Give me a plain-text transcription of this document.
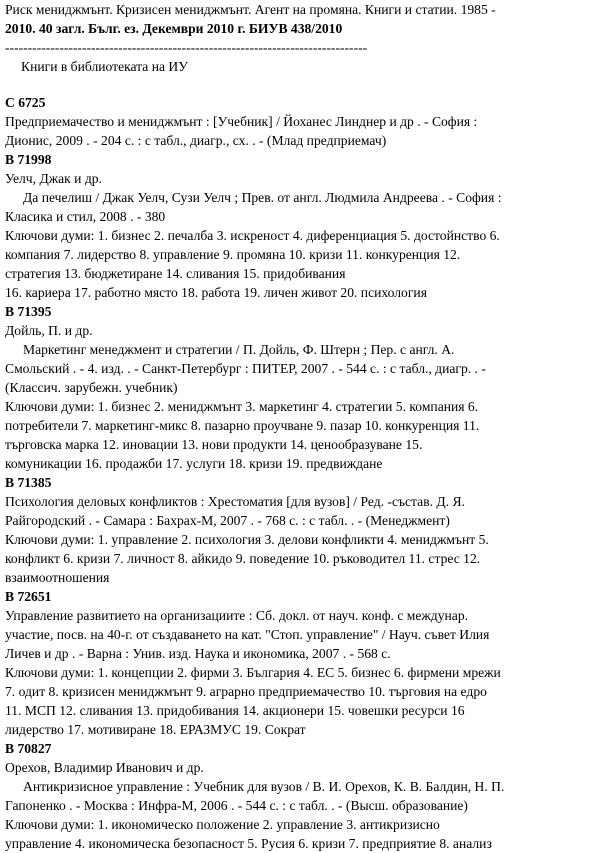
Риск мениджмънт. Кризисен мениджмънт. Агент на промяна. Книги и статии. 1985 -
2010. 40 загл. Бълг. ез. Декември 2010 г. БИУВ 438/2010
--------------------------------------------------------------------------------
Книги в библиотеката на ИУ
С 6725
Предприемачество и мениджмънт : [Учебник] / Йоханес Линднер и др . - София :
Дионис, 2009 . - 204 с. : с табл., диагр., сх. . - (Млад предприемач)
В 71998
Уелч, Джак и др.
Да печелиш / Джак Уелч, Сузи Уелч ; Прев. от англ. Людмила Андреева . - София :
Класика и стил, 2008 . - 380
Ключови думи: 1. бизнес 2. печалба 3. искреност 4. диференциация 5. достойнство 6.
компания 7. лидерство 8. управление 9. промяна 10. кризи 11. конкуренция 12.
стратегия 13. бюджетиране 14. сливания 15. придобивания
16. кариера 17. работно място 18. работа 19. личен живот 20. психология
В 71395
Дойль, П. и др.
Маркетинг менеджмент и стратегии / П. Дойль, Ф. Штерн ; Пер. с англ. А.
Смольский . - 4. изд. . - Санкт-Петербург : ПИТЕР, 2007 . - 544 с. : с табл., диагр. . -
(Классич. зарубежн. учебник)
Ключови думи: 1. бизнес 2. мениджмънт 3. маркетинг 4. стратегии 5. компания 6.
потребители 7. маркетинг-микс 8. пазарно проучване 9. пазар 10. конкуренция 11.
търговска марка 12. иновации 13. нови продукти 14. ценообразуване 15.
комуникации 16. продажби 17. услуги 18. кризи 19. предвиждане
В 71385
Психология деловых конфликтов : Хрестоматия [для вузов] / Ред. -състав. Д. Я.
Райгородский . - Самара : Бахрах-М, 2007 . - 768 с. : с табл. . - (Менеджмент)
Ключови думи: 1. управление 2. психология 3. делови конфликти 4. мениджмънт 5.
конфликт 6. кризи 7. личност 8. айкидо 9. поведение 10. ръководител 11. стрес 12.
взаимоотношения
В 72651
Управление развитието на организациите : Сб. докл. от науч. конф. с междунар.
участие, посв. на 40-г. от създаването на кат. "Стоп. управление" / Науч. съвет Илия
Личев и др . - Варна : Унив. изд. Наука и икономика, 2007 . - 568 с.
Ключови думи: 1. концепции 2. фирми 3. България 4. ЕС 5. бизнес 6. фирмени мрежи
7. одит 8. кризисен мениджмънт 9. аграрно предприемачество 10. търговия на едро
11. МСП 12. сливания 13. придобивания 14. акционери 15. човешки ресурси 16
лидерство 17. мотивиране 18. ЕРАЗМУС 19. Сократ
В 70827
Орехов, Владимир Иванович и др.
Антикризисное управление : Учебник для вузов / В. И. Орехов, К. В. Балдин, Н. П.
Гапоненко . - Москва : Инфра-М, 2006 . - 544 с. : с табл. . - (Высш. образование)
Ключови думи: 1. икономическо положение 2. управление 3. антикризисно
управление 4. икономическа безопасност 5. Русия 6. кризи 7. предприятие 8. анализ
